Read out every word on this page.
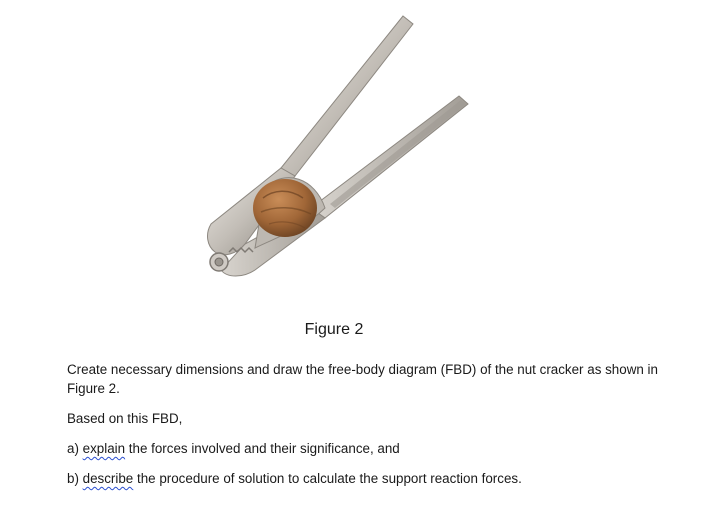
Figure 2
Create necessary dimensions and draw the free-body diagram (FBD) of the nut cracker as shown in Figure 2.
Based on this FBD,
a) explain the forces involved and their significance, and
b) describe the procedure of solution to calculate the support reaction forces.
